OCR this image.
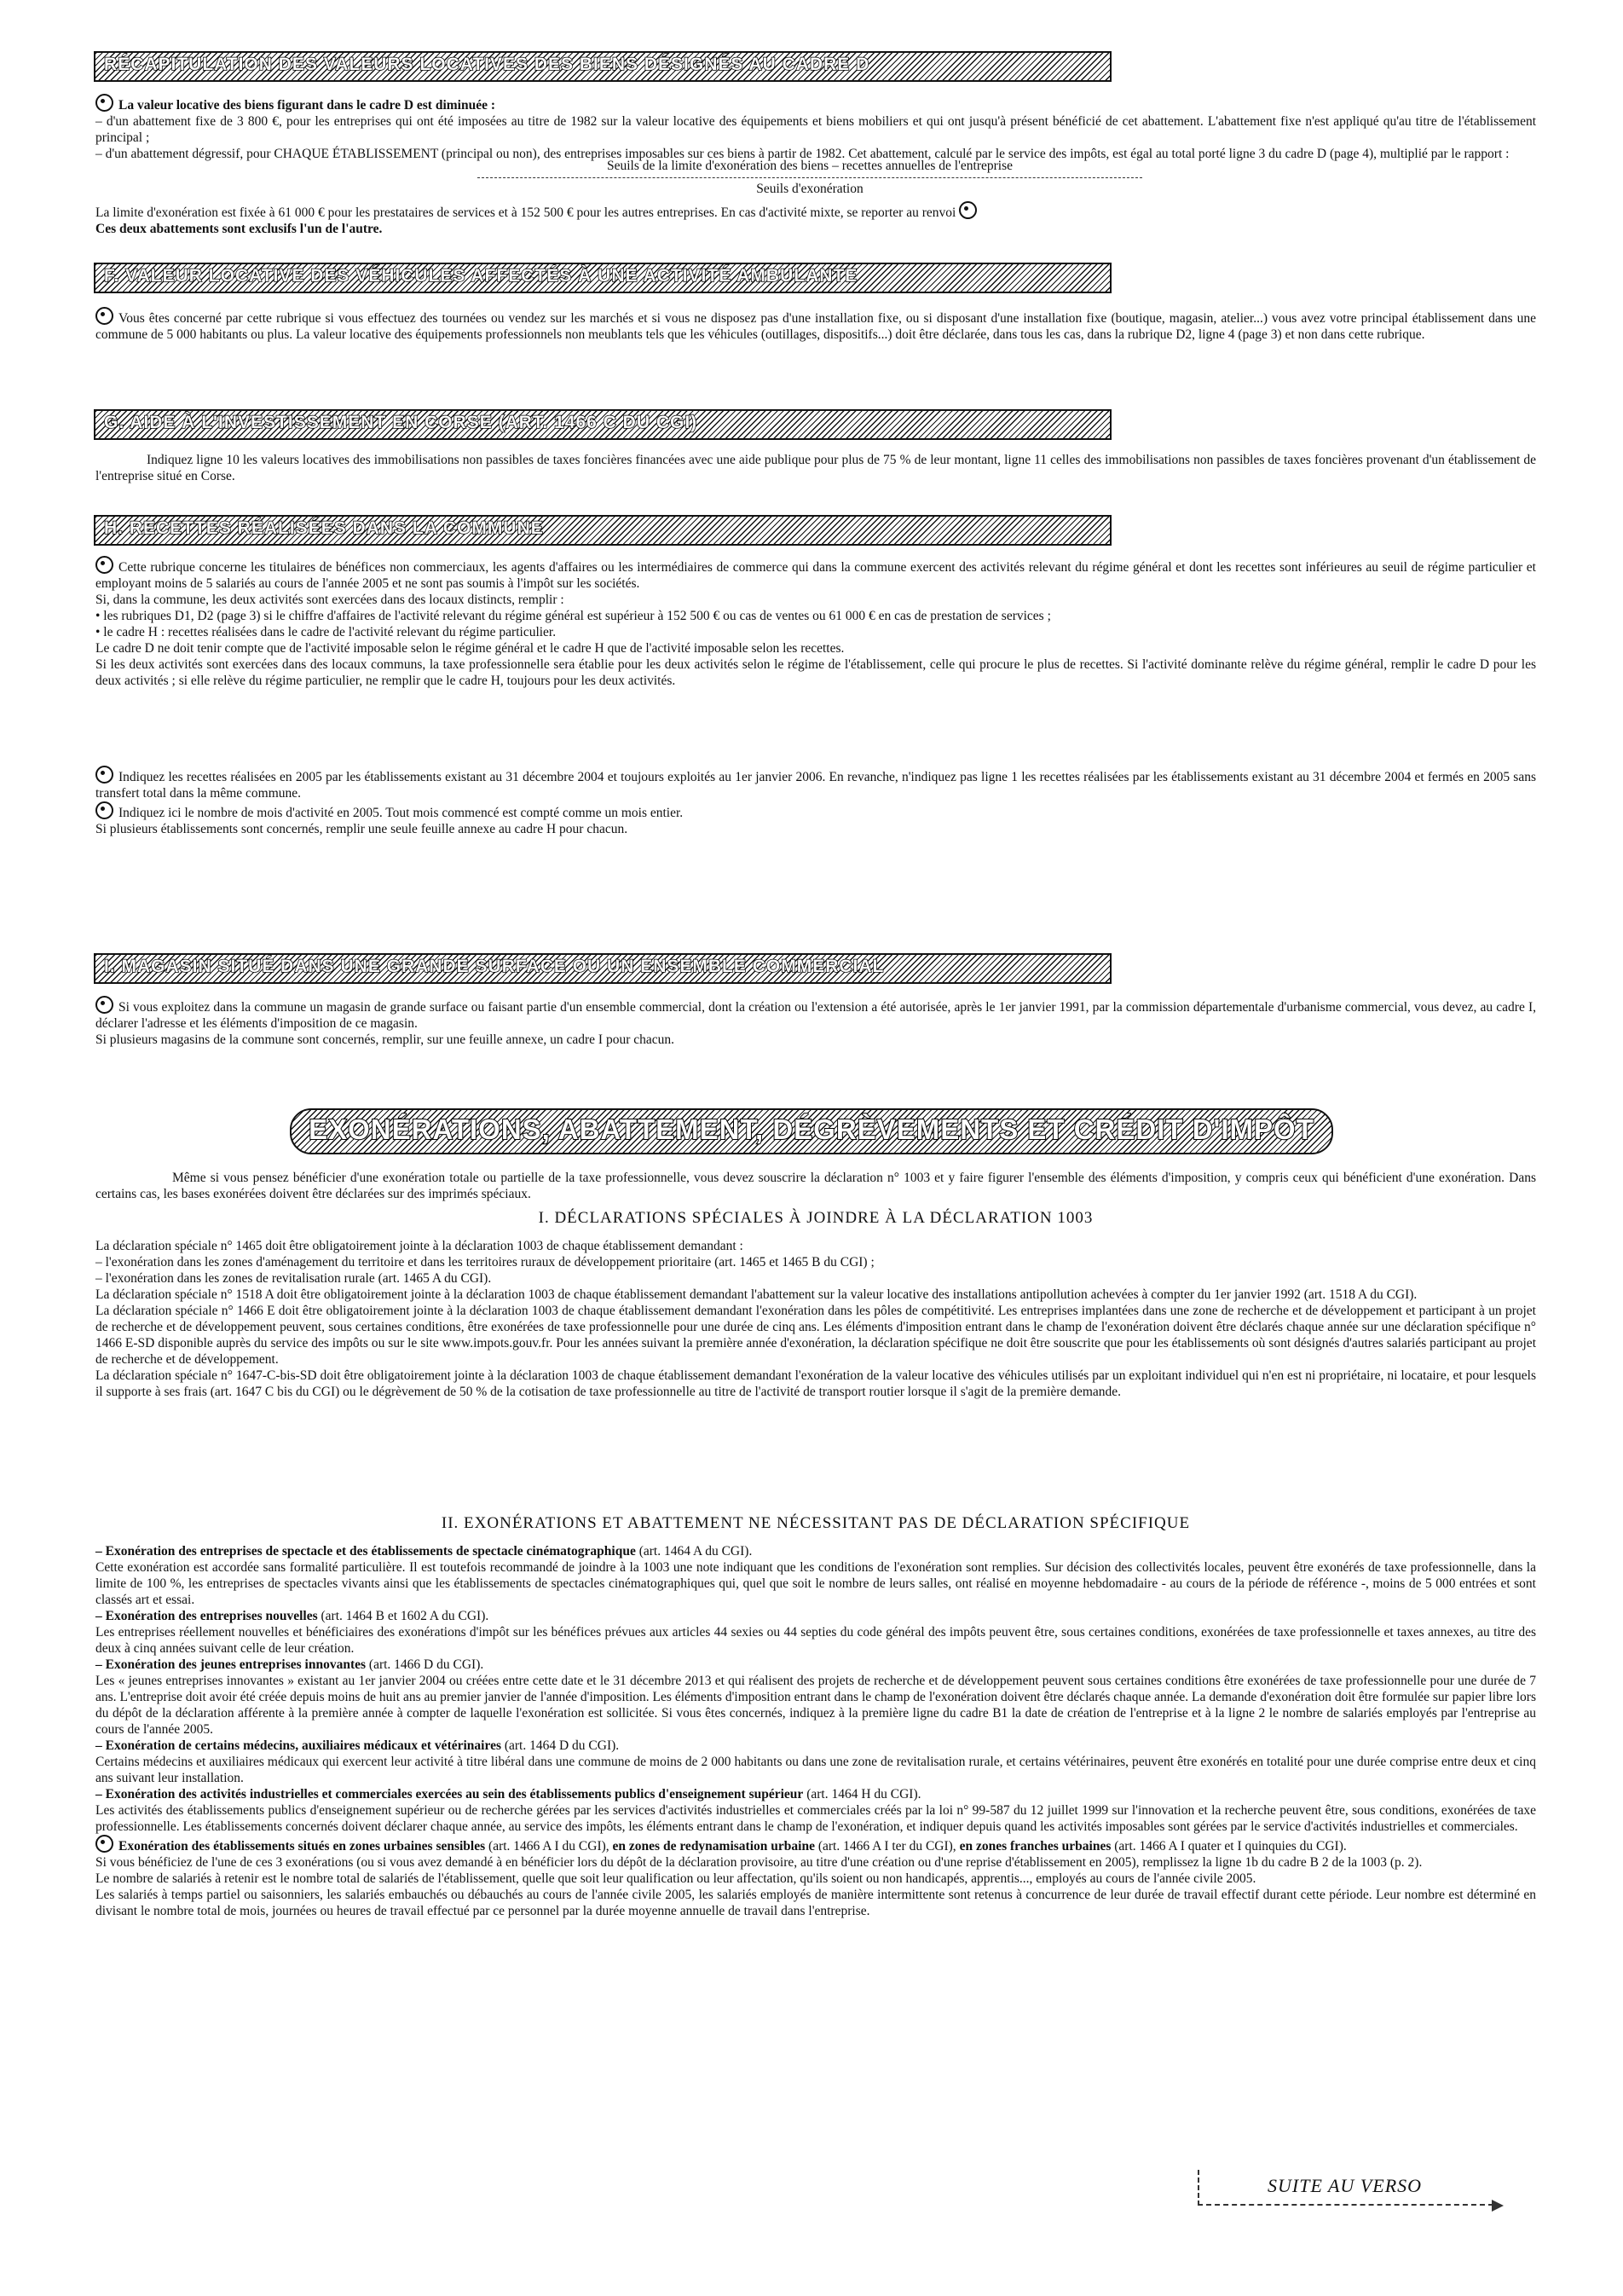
RÉCAPITULATION DES VALEURS LOCATIVES DES BIENS DÉSIGNÉS AU CADRE D
La valeur locative des biens figurant dans le cadre D est diminuée :
– d'un abattement fixe de 3 800 €, pour les entreprises qui ont été imposées au titre de 1982 sur la valeur locative des équipements et biens mobiliers et qui ont jusqu'à présent bénéficié de cet abattement. L'abattement fixe n'est appliqué qu'au titre de l'établissement principal ;
– d'un abattement dégressif, pour CHAQUE ÉTABLISSEMENT (principal ou non), des entreprises imposables sur ces biens à partir de 1982. Cet abattement, calculé par le service des impôts, est égal au total porté ligne 3 du cadre D (page 4), multiplié par le rapport :
Seuils de la limite d'exonération des biens – recettes annuelles de l'entreprise
Seuils d'exonération
La limite d'exonération est fixée à 61 000 € pour les prestataires de services et à 152 500 € pour les autres entreprises. En cas d'activité mixte, se reporter au renvoi
Ces deux abattements sont exclusifs l'un de l'autre.
F. VALEUR LOCATIVE DES VÉHICULES AFFECTÉS À UNE ACTIVITÉ AMBULANTE
Vous êtes concerné par cette rubrique si vous effectuez des tournées ou vendez sur les marchés et si vous ne disposez pas d'une installation fixe, ou si disposant d'une installation fixe (boutique, magasin, atelier...) vous avez votre principal établissement dans une commune de 5 000 habitants ou plus. La valeur locative des équipements professionnels non meublants tels que les véhicules (outillages, dispositifs...) doit être déclarée, dans tous les cas, dans la rubrique D2, ligne 4 (page 3) et non dans cette rubrique.
G. AIDE À L'INVESTISSEMENT EN CORSE (ART. 1466 C DU CGI)
Indiquez ligne 10 les valeurs locatives des immobilisations non passibles de taxes foncières financées avec une aide publique pour plus de 75 % de leur montant, ligne 11 celles des immobilisations non passibles de taxes foncières provenant d'un établissement de l'entreprise situé en Corse.
H. RECETTES RÉALISÉES DANS LA COMMUNE
Cette rubrique concerne les titulaires de bénéfices non commerciaux, les agents d'affaires ou les intermédiaires de commerce qui dans la commune exercent des activités relevant du régime général et dont les recettes sont inférieures au seuil de régime particulier et employant moins de 5 salariés au cours de l'année 2005 et ne sont pas soumis à l'impôt sur les sociétés.
Si, dans la commune, les deux activités sont exercées dans des locaux distincts, remplir :
• les rubriques D1, D2 (page 3) si le chiffre d'affaires de l'activité relevant du régime général est supérieur à 152 500 € ou cas de ventes ou 61 000 € en cas de prestation de services ;
• le cadre H : recettes réalisées dans le cadre de l'activité relevant du régime particulier.
Le cadre D ne doit tenir compte que de l'activité imposable selon le régime général et le cadre H que de l'activité imposable selon les recettes.
Si les deux activités sont exercées dans des locaux communs, la taxe professionnelle sera établie pour les deux activités selon le régime de l'établissement, celle qui procure le plus de recettes. Si l'activité dominante relève du régime général, remplir le cadre D pour les deux activités ; si elle relève du régime particulier, ne remplir que le cadre H, toujours pour les deux activités.
Indiquez les recettes réalisées en 2005 par les établissements existant au 31 décembre 2004 et toujours exploités au 1er janvier 2006. En revanche, n'indiquez pas ligne 1 les recettes réalisées par les établissements existant au 31 décembre 2004 et fermés en 2005 sans transfert total dans la même commune.
Indiquez ici le nombre de mois d'activité en 2005. Tout mois commencé est compté comme un mois entier.
Si plusieurs établissements sont concernés, remplir une seule feuille annexe au cadre H pour chacun.
I. MAGASIN SITUÉ DANS UNE GRANDE SURFACE OU UN ENSEMBLE COMMERCIAL
Si vous exploitez dans la commune un magasin de grande surface ou faisant partie d'un ensemble commercial, dont la création ou l'extension a été autorisée, après le 1er janvier 1991, par la commission départementale d'urbanisme commercial, vous devez, au cadre I, déclarer l'adresse et les éléments d'imposition de ce magasin.
Si plusieurs magasins de la commune sont concernés, remplir, sur une feuille annexe, un cadre I pour chacun.
EXONÉRATIONS, ABATTEMENT, DÉGRÈVEMENTS ET CRÉDIT D'IMPÔT
Même si vous pensez bénéficier d'une exonération totale ou partielle de la taxe professionnelle, vous devez souscrire la déclaration n° 1003 et y faire figurer l'ensemble des éléments d'imposition, y compris ceux qui bénéficient d'une exonération. Dans certains cas, les bases exonérées doivent être déclarées sur des imprimés spéciaux.
I. DÉCLARATIONS SPÉCIALES À JOINDRE À LA DÉCLARATION 1003
La déclaration spéciale n° 1465 doit être obligatoirement jointe à la déclaration 1003 de chaque établissement demandant :
– l'exonération dans les zones d'aménagement du territoire et dans les territoires ruraux de développement prioritaire (art. 1465 et 1465 B du CGI) ;
– l'exonération dans les zones de revitalisation rurale (art. 1465 A du CGI).
La déclaration spéciale n° 1518 A doit être obligatoirement jointe à la déclaration 1003 de chaque établissement demandant l'abattement sur la valeur locative des installations antipollution achevées à compter du 1er janvier 1992 (art. 1518 A du CGI).
La déclaration spéciale n° 1466 E doit être obligatoirement jointe à la déclaration 1003 de chaque établissement demandant l'exonération dans les pôles de compétitivité. Les entreprises implantées dans une zone de recherche et de développement et participant à un projet de recherche et de développement peuvent, sous certaines conditions, être exonérées de taxe professionnelle pour une durée de cinq ans. Les éléments d'imposition entrant dans le champ de l'exonération doivent être déclarés chaque année sur une déclaration spécifique n° 1466 E-SD disponible auprès du service des impôts ou sur le site www.impots.gouv.fr. Pour les années suivant la première année d'exonération, la déclaration spécifique ne doit être souscrite que pour les établissements où sont désignés d'autres salariés participant au projet de recherche et de développement.
La déclaration spéciale n° 1647-C-bis-SD doit être obligatoirement jointe à la déclaration 1003 de chaque établissement demandant l'exonération de la valeur locative des véhicules utilisés par un exploitant individuel qui n'en est ni propriétaire, ni locataire, et pour lesquels il supporte à ses frais (art. 1647 C bis du CGI) ou le dégrèvement de 50 % de la cotisation de taxe professionnelle au titre de l'activité de transport routier lorsque il s'agit de la première demande.
II. EXONÉRATIONS ET ABATTEMENT NE NÉCESSITANT PAS DE DÉCLARATION SPÉCIFIQUE
– Exonération des entreprises de spectacle et des établissements de spectacle cinématographique (art. 1464 A du CGI).
Cette exonération est accordée sans formalité particulière. Il est toutefois recommandé de joindre à la 1003 une note indiquant que les conditions de l'exonération sont remplies. Sur décision des collectivités locales, peuvent être exonérés de taxe professionnelle, dans la limite de 100 %, les entreprises de spectacles vivants ainsi que les établissements de spectacles cinématographiques qui, quel que soit le nombre de leurs salles, ont réalisé en moyenne hebdomadaire - au cours de la période de référence -, moins de 5 000 entrées et sont classés art et essai.
– Exonération des entreprises nouvelles (art. 1464 B et 1602 A du CGI).
Les entreprises réellement nouvelles et bénéficiaires des exonérations d'impôt sur les bénéfices prévues aux articles 44 sexies ou 44 septies du code général des impôts peuvent être, sous certaines conditions, exonérées de taxe professionnelle et taxes annexes, au titre des deux à cinq années suivant celle de leur création.
– Exonération des jeunes entreprises innovantes (art. 1466 D du CGI).
Les « jeunes entreprises innovantes » existant au 1er janvier 2004 ou créées entre cette date et le 31 décembre 2013 et qui réalisent des projets de recherche et de développement peuvent sous certaines conditions être exonérées de taxe professionnelle pour une durée de 7 ans. L'entreprise doit avoir été créée depuis moins de huit ans au premier janvier de l'année d'imposition. Les éléments d'imposition entrant dans le champ de l'exonération doivent être déclarés chaque année. La demande d'exonération doit être formulée sur papier libre lors du dépôt de la déclaration afférente à la première année à compter de laquelle l'exonération est sollicitée. Si vous êtes concernés, indiquez à la première ligne du cadre B1 la date de création de l'entreprise et à la ligne 2 le nombre de salariés employés par l'entreprise au cours de l'année 2005.
– Exonération de certains médecins, auxiliaires médicaux et vétérinaires (art. 1464 D du CGI).
Certains médecins et auxiliaires médicaux qui exercent leur activité à titre libéral dans une commune de moins de 2 000 habitants ou dans une zone de revitalisation rurale, et certains vétérinaires, peuvent être exonérés en totalité pour une durée comprise entre deux et cinq ans suivant leur installation.
– Exonération des activités industrielles et commerciales exercées au sein des établissements publics d'enseignement supérieur (art. 1464 H du CGI).
Les activités des établissements publics d'enseignement supérieur ou de recherche gérées par les services d'activités industrielles et commerciales créés par la loi n° 99-587 du 12 juillet 1999 sur l'innovation et la recherche peuvent être, sous conditions, exonérées de taxe professionnelle. Les établissements concernés doivent déclarer chaque année, au service des impôts, les éléments entrant dans le champ de l'exonération, et indiquer depuis quand les activités imposables sont gérées par le service d'activités industrielles et commerciales.
Exonération des établissements situés en zones urbaines sensibles (art. 1466 A I du CGI), en zones de redynamisation urbaine (art. 1466 A I ter du CGI), en zones franches urbaines (art. 1466 A I quater et I quinquies du CGI).
Si vous bénéficiez de l'une de ces 3 exonérations (ou si vous avez demandé à en bénéficier lors du dépôt de la déclaration provisoire, au titre d'une création ou d'une reprise d'établissement en 2005), remplissez la ligne 1b du cadre B 2 de la 1003 (p. 2).
Le nombre de salariés à retenir est le nombre total de salariés de l'établissement, quelle que soit leur qualification ou leur affectation, qu'ils soient ou non handicapés, apprentis..., employés au cours de l'année civile 2005.
Les salariés à temps partiel ou saisonniers, les salariés embauchés ou débauchés au cours de l'année civile 2005, les salariés employés de manière intermittente sont retenus à concurrence de leur durée de travail effectif durant cette période. Leur nombre est déterminé en divisant le nombre total de mois, journées ou heures de travail effectué par ce personnel par la durée moyenne annuelle de travail dans l'entreprise.
SUITE AU VERSO
